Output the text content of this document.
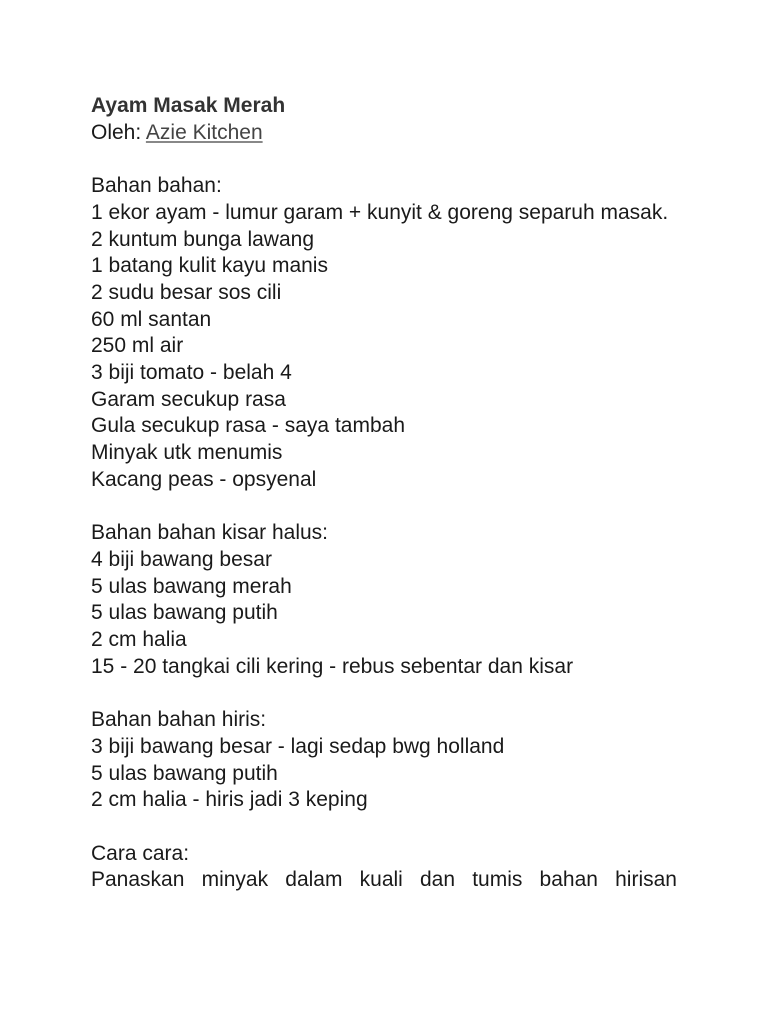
Ayam Masak Merah
Oleh: Azie Kitchen
Bahan bahan:
1 ekor ayam - lumur garam + kunyit & goreng separuh masak.
2 kuntum bunga lawang
1 batang kulit kayu manis
2 sudu besar sos cili
60 ml santan
250 ml air
3 biji tomato - belah 4
Garam secukup rasa
Gula secukup rasa - saya tambah
Minyak utk menumis
Kacang peas - opsyenal
Bahan bahan kisar halus:
4 biji bawang besar
5 ulas bawang merah
5 ulas bawang putih
2 cm halia
15 - 20 tangkai cili kering - rebus sebentar dan kisar
Bahan bahan hiris:
3 biji bawang besar - lagi sedap bwg holland
5 ulas bawang putih
2 cm halia - hiris jadi 3 keping
Cara cara:
Panaskan minyak dalam kuali dan tumis bahan hirisan
